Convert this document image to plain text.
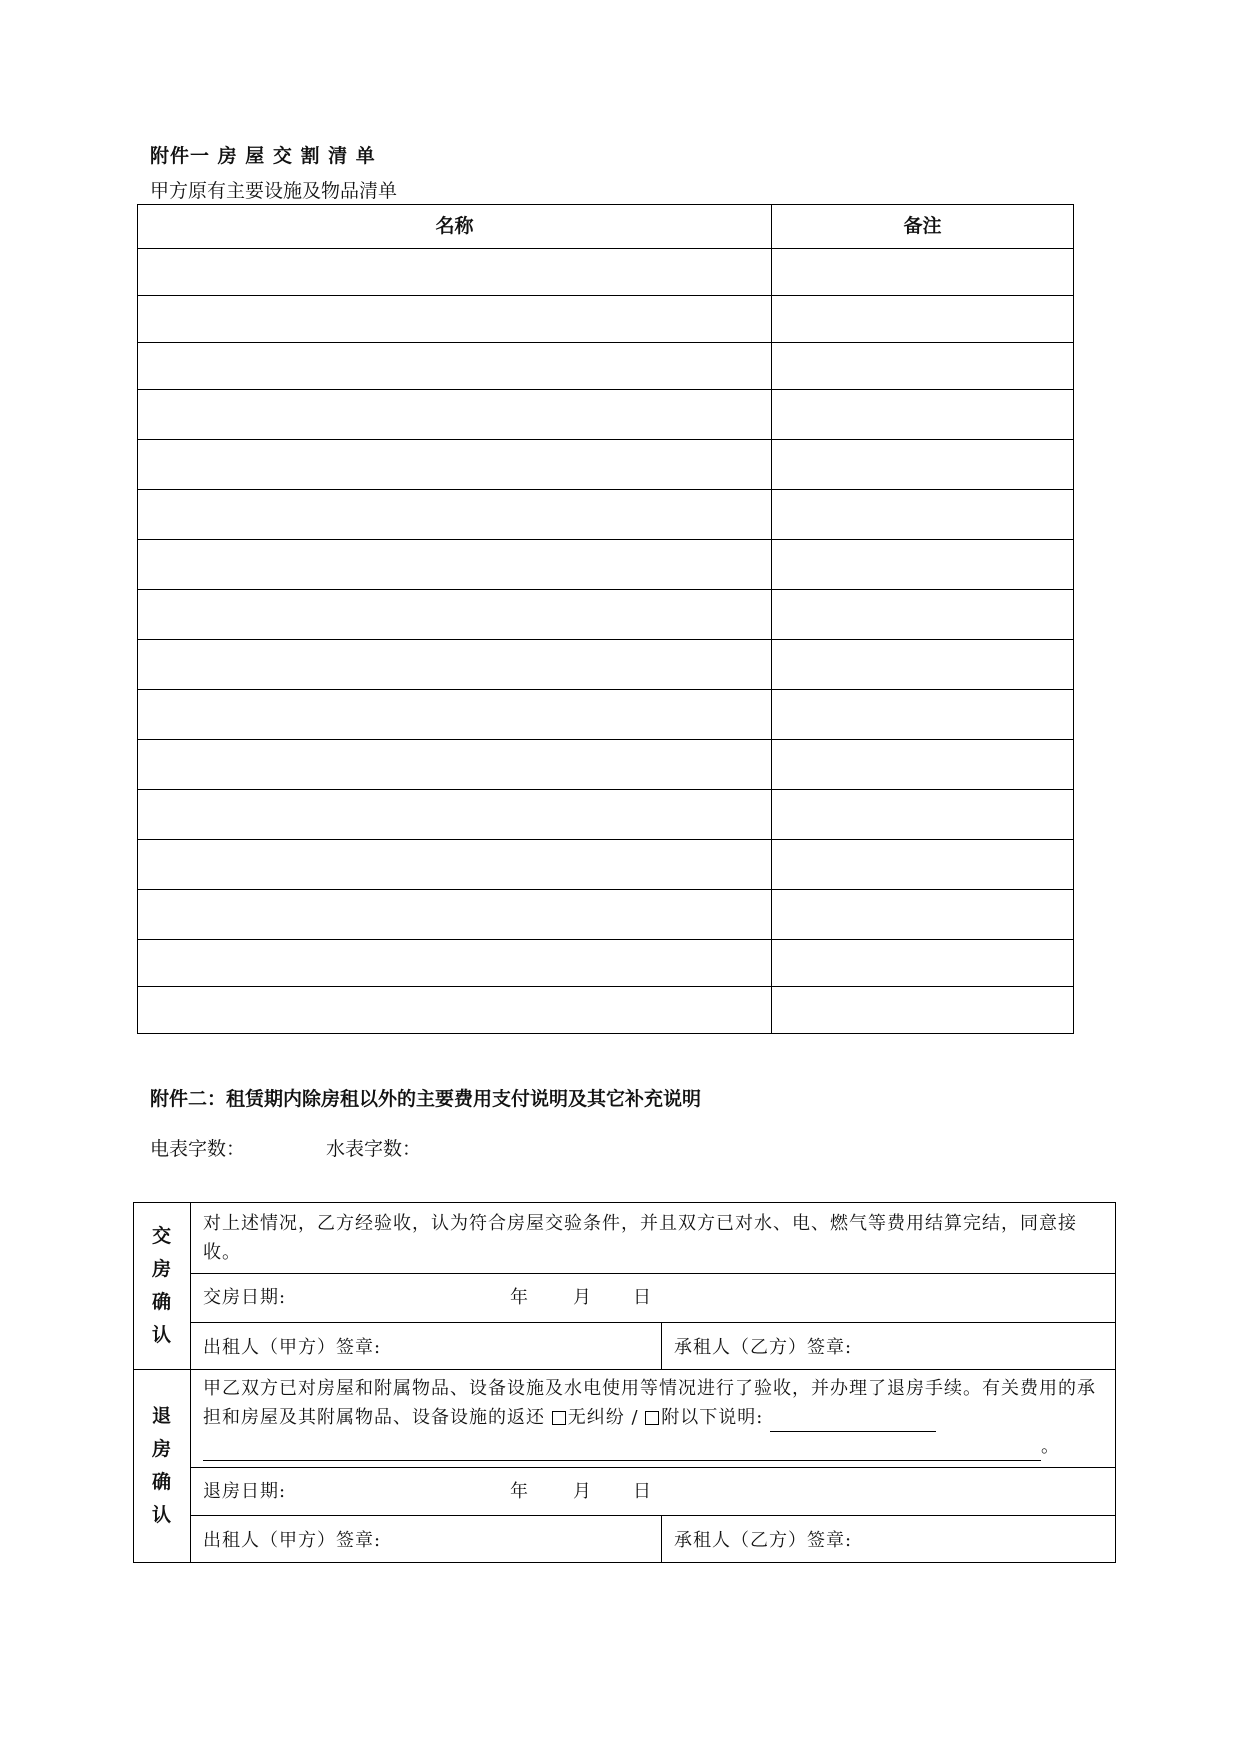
附件一 房 屋 交 割 清 单
甲方原有主要设施及物品清单
名称	备注

附件二：租赁期内除房租以外的主要费用支付说明及其它补充说明
电表字数：	水表字数：
交
房
确
认	对上述情况，乙方经验收，认为符合房屋交验条件，并且双方已对水、电、燃气等费用结算完结，同意接收。	

	交房日期: 年 月 日	

	出租人（甲方）签章:	承租人（乙方）签章:

退
房
确
认	甲乙双方已对房屋和附属物品、设备设施及水电使用等情况进行了验收，并办理了退房手续。有关费用的承担和房屋及其附属物品、设备设施的返还 无纠纷 / 附以下说明:
。	

	退房日期: 年 月 日	

	出租人（甲方）签章:	承租人（乙方）签章:
